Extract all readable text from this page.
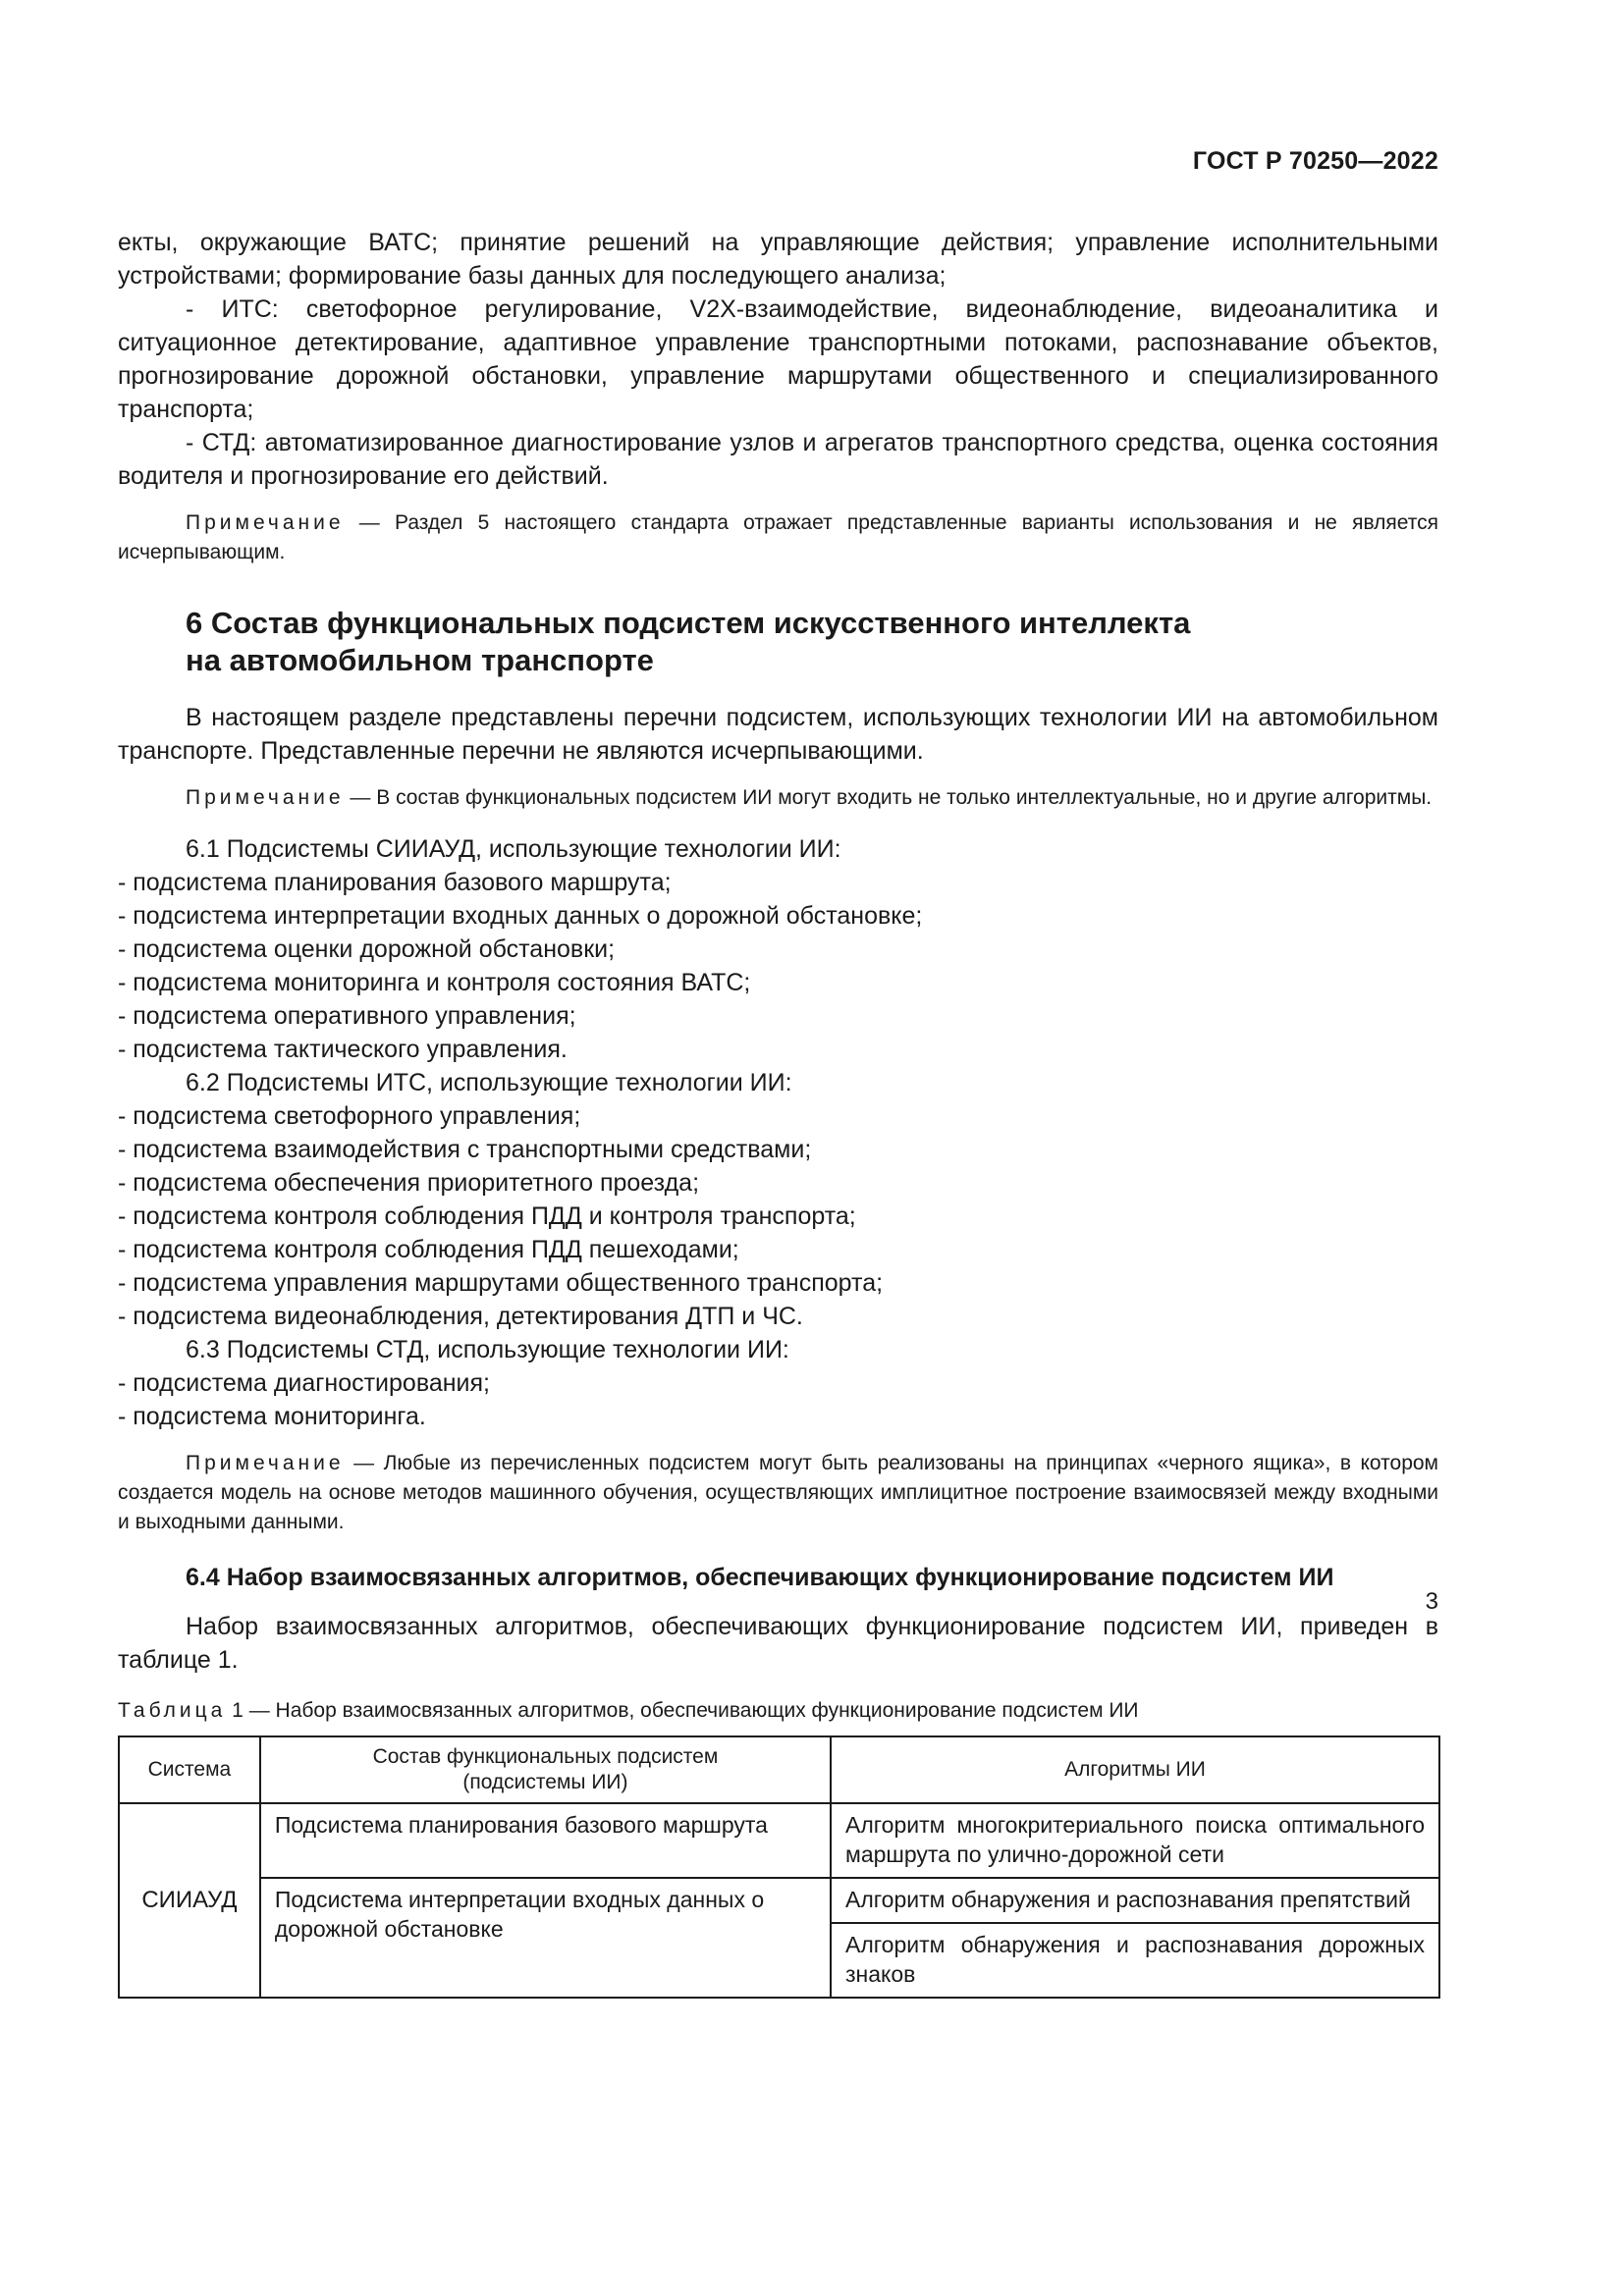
ГОСТ Р 70250—2022

екты, окружающие ВАТС; принятие решений на управляющие действия; управление исполнительными устройствами; формирование базы данных для последующего анализа;

- ИТС: светофорное регулирование, V2X-взаимодействие, видеонаблюдение, видеоаналитика и ситуационное детектирование, адаптивное управление транспортными потоками, распознавание объектов, прогнозирование дорожной обстановки, управление маршрутами общественного и специализированного транспорта;

- СТД: автоматизированное диагностирование узлов и агрегатов транспортного средства, оценка состояния водителя и прогнозирование его действий.

Примечание — Раздел 5 настоящего стандарта отражает представленные варианты использования и не является исчерпывающим.

6 Состав функциональных подсистем искусственного интеллекта
на автомобильном транспорте

В настоящем разделе представлены перечни подсистем, использующих технологии ИИ на автомобильном транспорте. Представленные перечни не являются исчерпывающими.

Примечание — В состав функциональных подсистем ИИ могут входить не только интеллектуальные, но и другие алгоритмы.

6.1 Подсистемы СИИАУД, использующие технологии ИИ:

- подсистема планирования базового маршрута;

- подсистема интерпретации входных данных о дорожной обстановке;

- подсистема оценки дорожной обстановки;

- подсистема мониторинга и контроля состояния ВАТС;

- подсистема оперативного управления;

- подсистема тактического управления.

6.2 Подсистемы ИТС, использующие технологии ИИ:

- подсистема светофорного управления;

- подсистема взаимодействия с транспортными средствами;

- подсистема обеспечения приоритетного проезда;

- подсистема контроля соблюдения ПДД и контроля транспорта;

- подсистема контроля соблюдения ПДД пешеходами;

- подсистема управления маршрутами общественного транспорта;

- подсистема видеонаблюдения, детектирования ДТП и ЧС.

6.3 Подсистемы СТД, использующие технологии ИИ:

- подсистема диагностирования;

- подсистема мониторинга.

Примечание — Любые из перечисленных подсистем могут быть реализованы на принципах «черного ящика», в котором создается модель на основе методов машинного обучения, осуществляющих имплицитное построение взаимосвязей между входными и выходными данными.

6.4 Набор взаимосвязанных алгоритмов, обеспечивающих функционирование подсистем ИИ

Набор взаимосвязанных алгоритмов, обеспечивающих функционирование подсистем ИИ, приведен в таблице 1.

Таблица 1 — Набор взаимосвязанных алгоритмов, обеспечивающих функционирование подсистем ИИ

Система	Состав функциональных подсистем (подсистемы ИИ)	Алгоритмы ИИ
СИИАУД	Подсистема планирования базового маршрута	Алгоритм многокритериального поиска оптимального маршрута по улично-дорожной сети
	Подсистема интерпретации входных данных о дорожной обстановке	Алгоритм обнаружения и распознавания препятствий
		Алгоритм обнаружения и распознавания дорожных знаков
3
